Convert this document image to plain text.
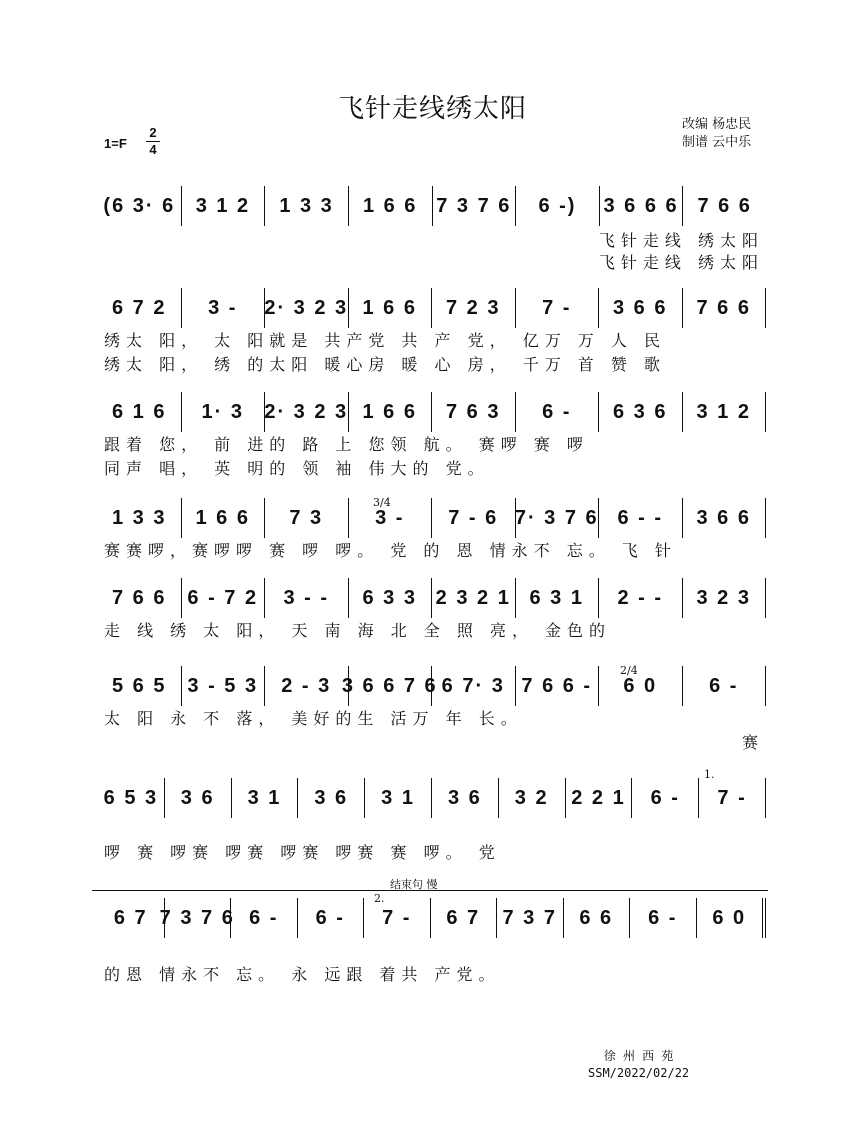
飞针走线绣太阳
改编 杨忠民
制谱 云中乐
1=F
2
4
(6 3· 6	3 1 2	1 3 3	1 6 6 7 3 7 6	6 -)	3 6 6 6 7 6 6
飞针走线 绣太阳
飞针走线 绣太阳
6 7 2	3 -	2· 3 2 3 1 6 6	7 2 3	7 -	3 6 6	7 6 6
绣太 阳， 太 阳就是 共产党 共 产 党， 亿万 万 人 民
绣太 阳， 绣 的太阳 暖心房 暖 心 房， 千万 首 赞 歌
6 1 6	1· 3	2· 3 2 3 1 6 6	7 6 3	6 -	6 3 6	3 1 2
跟着 您， 前 进的 路 上 您领 航。 赛啰 赛 啰
同声 唱， 英 明的 领 袖 伟大的 党。
1 3 3	1 6 6	7 3	3 -	7 - 6 7· 3 7 6 6 - -	3 6 6
3/4
赛赛啰，赛啰啰 赛 啰 啰。 党 的 恩 情永不 忘。 飞 针
7 6 6	6 - 7 2	3 - -	6 3 3 2 3 2 1 6 3 1	2 - -	3 2 3
走 线 绣 太 阳， 天 南 海 北 全 照 亮， 金色的
5 6 5	3 - 5 3	2 - 3 3 6 6 7 6 6 7· 3 7 6 6 -	6 0	6 -
2/4
太 阳 永 不 落， 美好的生 活万 年 长。
赛
6 5 3	3 6	3 1	3 6	3 1	3 6	3 2	2 2 1	6 -	7 -
1.
啰 赛 啰赛 啰赛 啰赛 啰赛 赛 啰。 党
结束句 慢
6 7 7 3 7 6 6 -	6 -	7 -	6 7	7 3 7	6 6	6 -	6 0
2.
的恩 情永不 忘。 永 远跟 着共 产党。
徐 州 西 苑
SSM/2022/02/22
